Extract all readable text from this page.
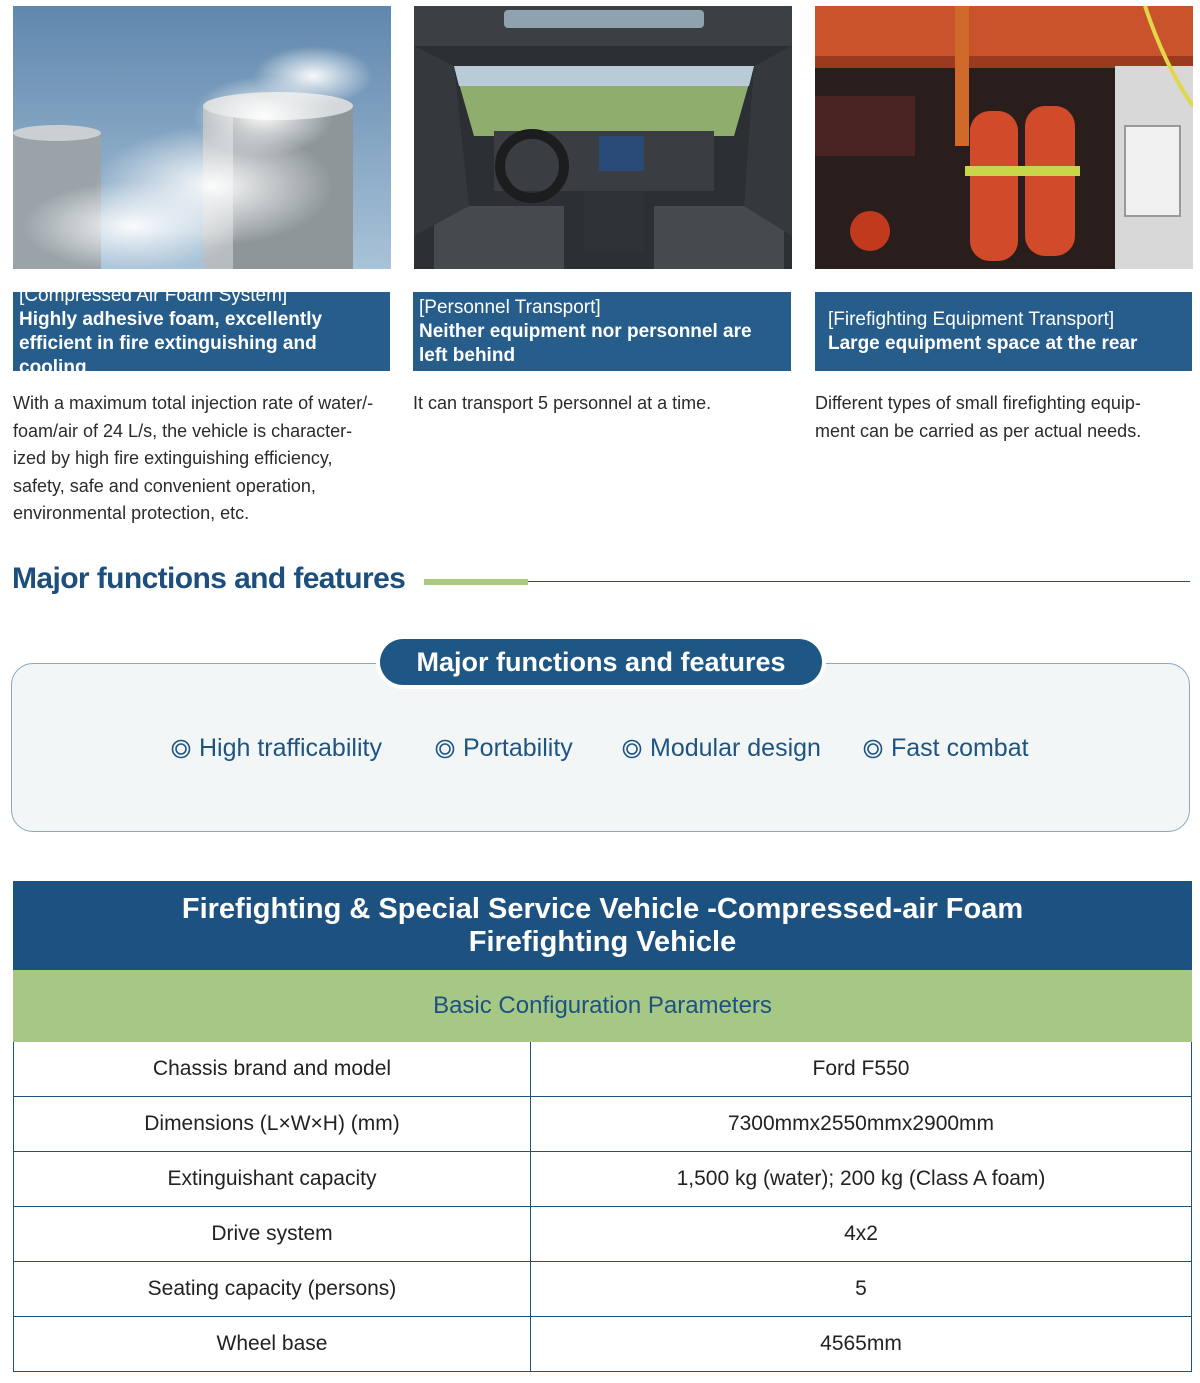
[Compressed Air Foam System]
Highly adhesive foam, excellently
efficient in fire extinguishing and cooling
[Personnel Transport]
Neither equipment nor personnel are
left behind
[Firefighting Equipment Transport]
Large equipment space at the rear
With a maximum total injection rate of water/-
foam/air of 24 L/s, the vehicle is character-
ized by high fire extinguishing efficiency,
safety, safe and convenient operation,
environmental protection, etc.
It can transport 5 personnel at a time.	Different types of small firefighting equip-
ment can be carried as per actual needs.
Major functions and features
Major functions and features
High trafficability	Portability	Modular design	Fast combat
Firefighting & Special Service Vehicle -Compressed-air Foam
Firefighting Vehicle
Basic Configuration Parameters
Chassis brand and model	Ford F550
Dimensions (L×W×H) (mm)	7300mmx2550mmx2900mm
Extinguishant capacity	1,500 kg (water); 200 kg (Class A foam)
Drive system	4x2
Seating capacity (persons)	5
Wheel base	4565mm
